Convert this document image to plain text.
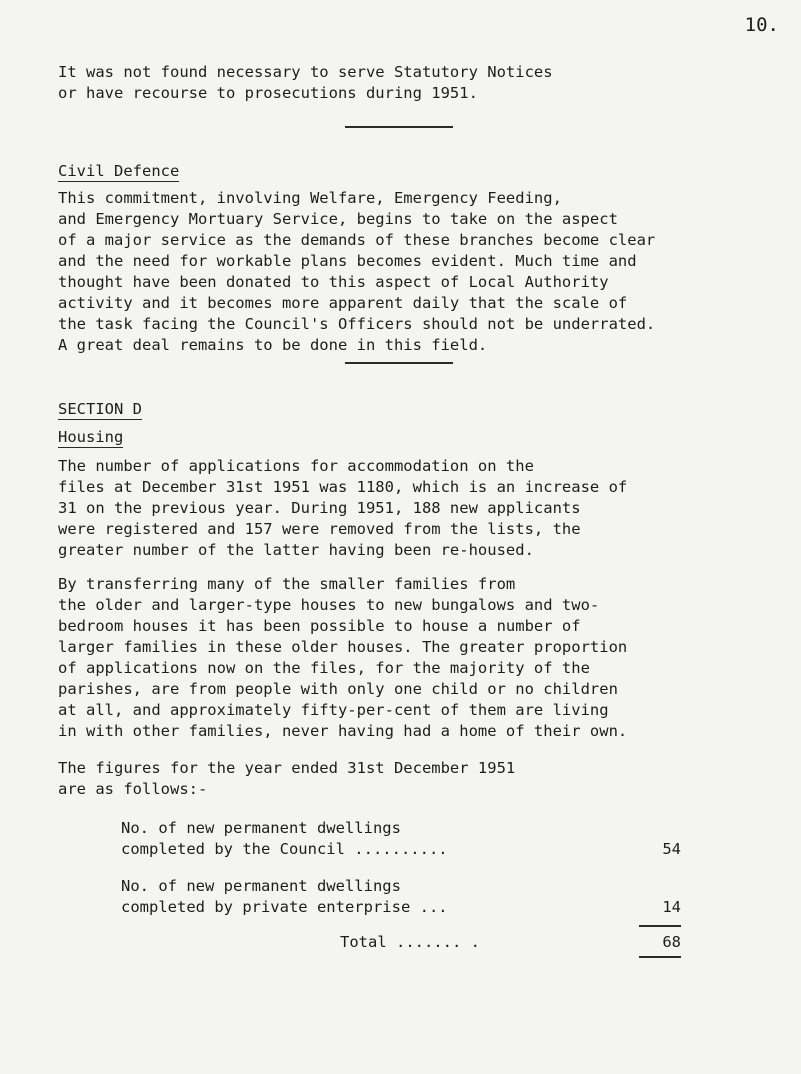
10.

It was not found necessary to serve Statutory Notices
or have recourse to prosecutions during 1951.

Civil Defence

This commitment, involving Welfare, Emergency Feeding,
and Emergency Mortuary Service, begins to take on the aspect
of a major service as the demands of these branches become clear
and the need for workable plans becomes evident. Much time and
thought have been donated to this aspect of Local Authority
activity and it becomes more apparent daily that the scale of
the task facing the Council's Officers should not be underrated.
A great deal remains to be done in this field.

SECTION D
Housing

The number of applications for accommodation on the
files at December 31st 1951 was 1180, which is an increase of
31 on the previous year. During 1951, 188 new applicants
were registered and 157 were removed from the lists, the
greater number of the latter having been re-housed.

By transferring many of the smaller families from
the older and larger-type houses to new bungalows and two-
bedroom houses it has been possible to house a number of
larger families in these older houses. The greater proportion
of applications now on the files, for the majority of the
parishes, are from people with only one child or no children
at all, and approximately fifty-per-cent of them are living
in with other families, never having had a home of their own.

The figures for the year ended 31st December 1951
are as follows:-

No. of new permanent dwellings
completed by the Council ..........	54

No. of new permanent dwellings
completed by private enterprise ...	14
Total ....... .	68
